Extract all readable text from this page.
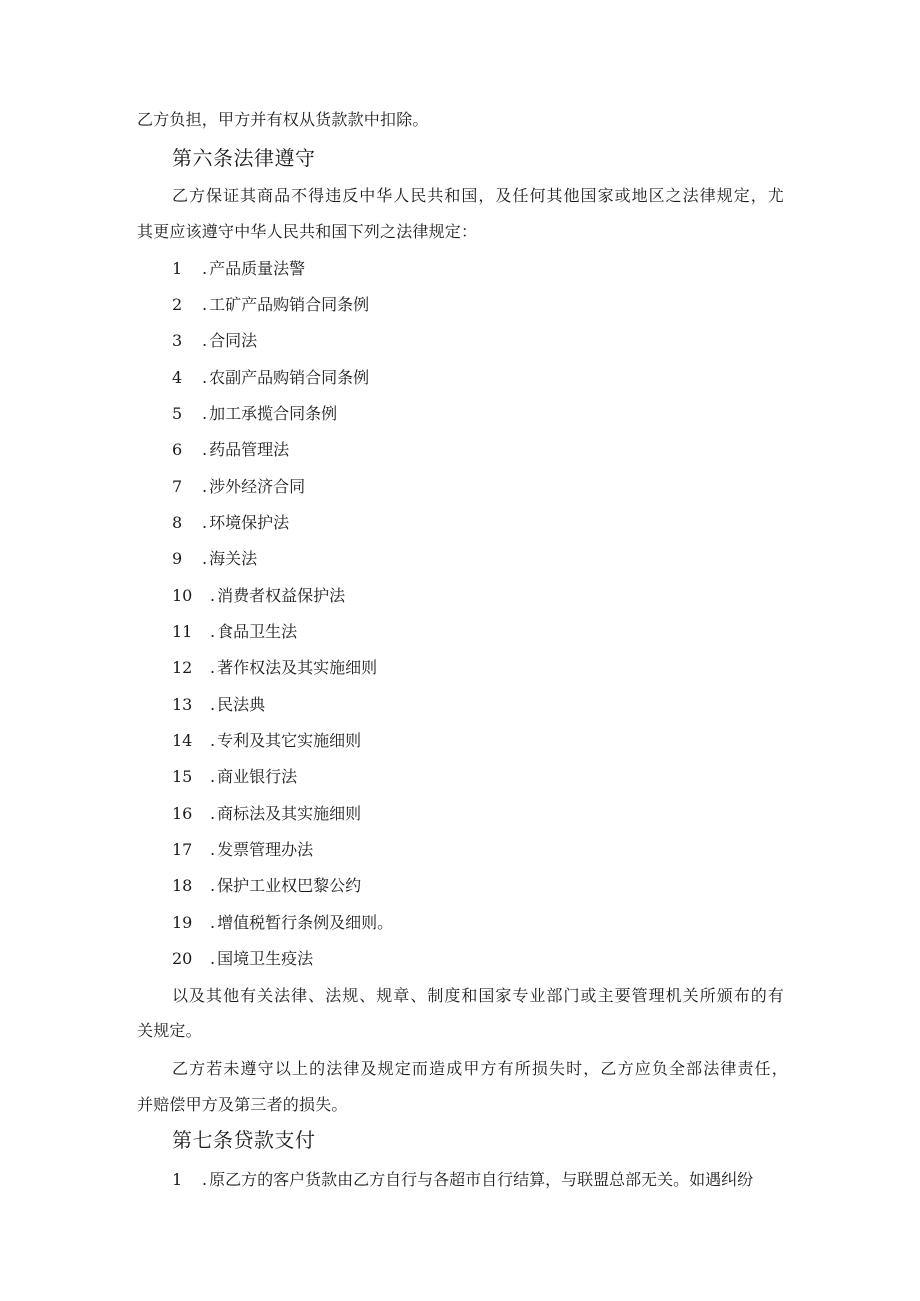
乙方负担，甲方并有权从货款款中扣除。
第六条法律遵守
乙方保证其商品不得违反中华人民共和国，及任何其他国家或地区之法律规定，尤
其更应该遵守中华人民共和国下列之法律规定：
1	. 产品质量法警
2	. 工矿产品购销合同条例
3	. 合同法
4	. 农副产品购销合同条例
5	. 加工承揽合同条例
6	. 药品管理法
7	. 涉外经济合同
8	. 环境保护法
9	. 海关法
10	. 消费者权益保护法
11	. 食品卫生法
12	. 著作权法及其实施细则
13	. 民法典
14	. 专利及其它实施细则
15	. 商业银行法
16	. 商标法及其实施细则
17	. 发票管理办法
18	. 保护工业权巴黎公约
19	. 增值税暂行条例及细则。
20	. 国境卫生疫法
以及其他有关法律、法规、规章、制度和国家专业部门或主要管理机关所颁布的有
关规定。
乙方若未遵守以上的法律及规定而造成甲方有所损失时，乙方应负全部法律责任，
并赔偿甲方及第三者的损失。
第七条贷款支付
1	. 原乙方的客户货款由乙方自行与各超市自行结算，与联盟总部无关。如遇纠纷
